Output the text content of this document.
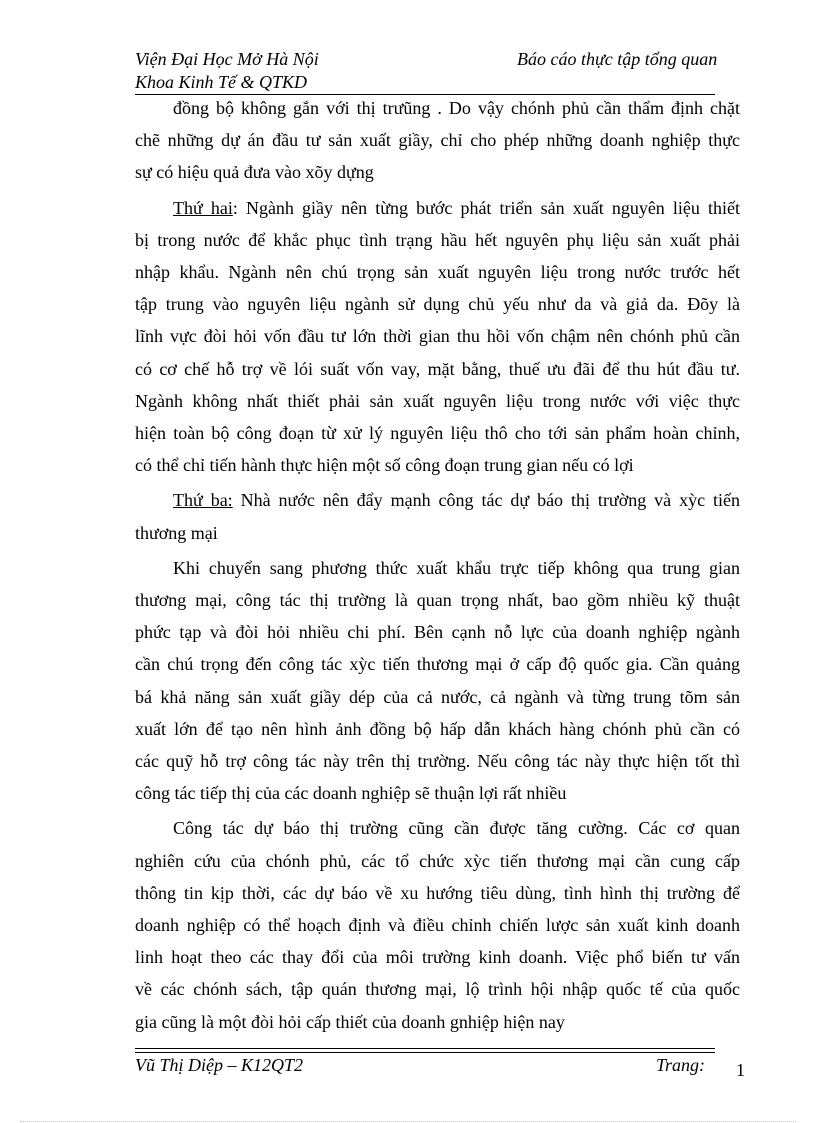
Viện Đại Học Mở Hà Nội
Khoa Kinh Tế & QTKD
Báo cáo thực tập tổng quan
đồng bộ không gắn với thị trưũng . Do vậy chónh phủ cần thẩm định chặt
chẽ những dự án đầu tư sản xuất giầy, chỉ cho phép những doanh nghiệp thực
sự có hiệu quả đưa vào xõy dựng
Thứ hai: Ngành giầy nên từng bước phát triển sản xuất nguyên liệu thiết
bị trong nước để khắc phục tình trạng hầu hết nguyên phụ liệu sản xuất phải
nhập khẩu. Ngành nên chú trọng sản xuất nguyên liệu trong nước trước hết
tập trung vào nguyên liệu ngành sử dụng chủ yếu như da và giả da. Đõy là
lĩnh vực đòi hỏi vốn đầu tư lớn thời gian thu hồi vốn chậm nên chónh phủ cần
có cơ chế hỗ trợ về lói suất vốn vay, mặt bằng, thuế ưu đãi để thu hút đầu tư.
Ngành không nhất thiết phải sản xuất nguyên liệu trong nước với việc thực
hiện toàn bộ công đoạn từ xử lý nguyên liệu thô cho tới sản phẩm hoàn chỉnh,
có thể chỉ tiến hành thực hiện một số công đoạn trung gian nếu có lợi
Thứ ba: Nhà nước nên đẩy mạnh công tác dự báo thị trường và xỳc tiến
thương mại
Khi chuyển sang phương thức xuất khẩu trực tiếp không qua trung gian
thương mại, công tác thị trường là quan trọng nhất, bao gồm nhiều kỹ thuật
phức tạp và đòi hỏi nhiều chi phí. Bên cạnh nỗ lực của doanh nghiệp ngành
cần chú trọng đến công tác xỳc tiến thương mại ở cấp độ quốc gia. Cần quảng
bá khả năng sản xuất giầy dép của cả nước, cả ngành và từng trung tõm sản
xuất lớn để tạo nên hình ảnh đồng bộ hấp dẫn khách hàng chónh phủ cần có
các quỹ hỗ trợ công tác này trên thị trường. Nếu công tác này thực hiện tốt thì
công tác tiếp thị của các doanh nghiệp sẽ thuận lợi rất nhiều
Công tác dự báo thị trường cũng cần được tăng cường. Các cơ quan
nghiên cứu của chónh phủ, các tổ chức xỳc tiến thương mại cần cung cấp
thông tin kịp thời, các dự báo về xu hướng tiêu dùng, tình hình thị trường để
doanh nghiệp có thể hoạch định và điều chỉnh chiến lược sản xuất kinh doanh
linh hoạt theo các thay đổi của môi trường kinh doanh. Việc phổ biến tư vấn
về các chónh sách, tập quán thương mại, lộ trình hội nhập quốc tế của quốc
gia cũng là một đòi hỏi cấp thiết của doanh gnhiệp hiện nay
Vũ Thị Diệp – K12QT2	Trang: 1
